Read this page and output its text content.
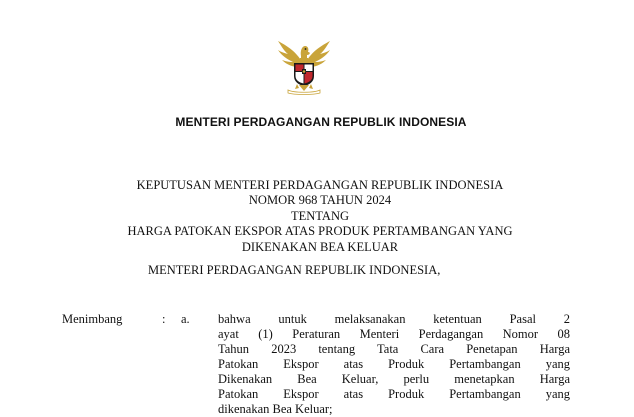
MENTERI PERDAGANGAN REPUBLIK INDONESIA
KEPUTUSAN MENTERI PERDAGANGAN REPUBLIK INDONESIA
NOMOR 968 TAHUN 2024
TENTANG
HARGA PATOKAN EKSPOR ATAS PRODUK PERTAMBANGAN YANG
DIKENAKAN BEA KELUAR
MENTERI PERDAGANGAN REPUBLIK INDONESIA,
Menimbang	: a. bahwa untuk melaksanakan ketentuan Pasal 2
ayat (1) Peraturan Menteri Perdagangan Nomor 08
Tahun 2023 tentang Tata Cara Penetapan Harga
Patokan Ekspor atas Produk Pertambangan yang
Dikenakan Bea Keluar, perlu menetapkan Harga
Patokan Ekspor atas Produk Pertambangan yang
dikenakan Bea Keluar;
